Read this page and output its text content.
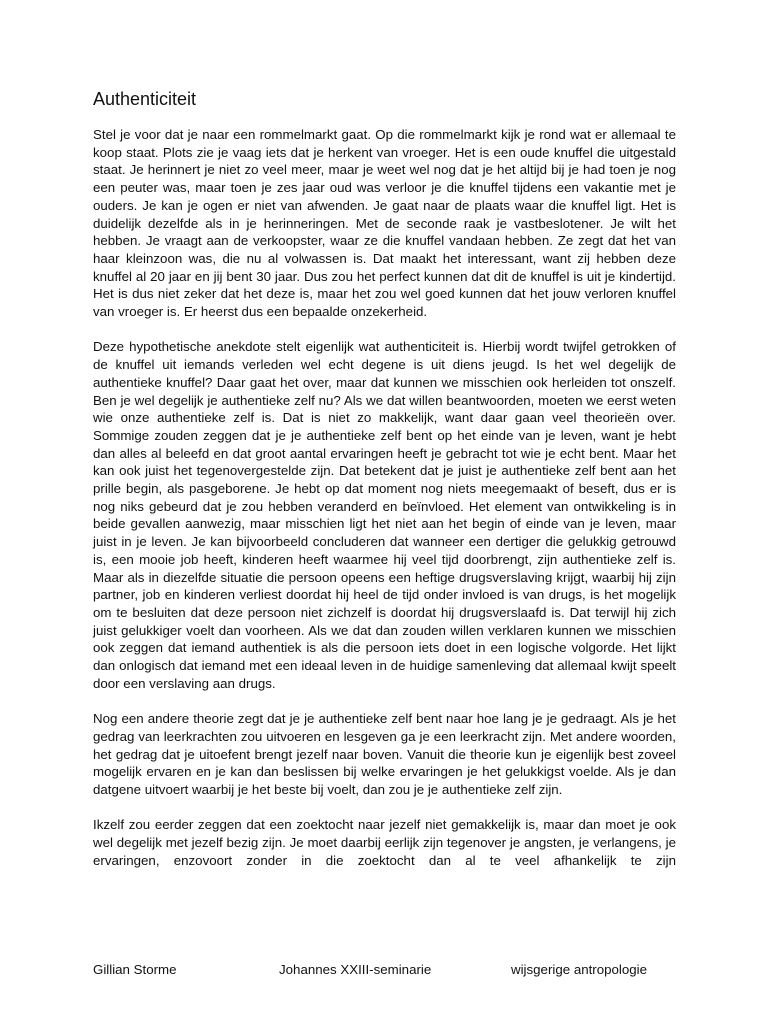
Authenticiteit

Stel je voor dat je naar een rommelmarkt gaat. Op die rommelmarkt kijk je rond wat er allemaal te koop staat. Plots zie je vaag iets dat je herkent van vroeger. Het is een oude knuffel die uitgestald staat. Je herinnert je niet zo veel meer, maar je weet wel nog dat je het altijd bij je had toen je nog een peuter was, maar toen je zes jaar oud was verloor je die knuffel tijdens een vakantie met je ouders. Je kan je ogen er niet van afwenden. Je gaat naar de plaats waar die knuffel ligt. Het is duidelijk dezelfde als in je herinneringen. Met de seconde raak je vastbeslotener. Je wilt het hebben. Je vraagt aan de verkoopster, waar ze die knuffel vandaan hebben. Ze zegt dat het van haar kleinzoon was, die nu al volwassen is. Dat maakt het interessant, want zij hebben deze knuffel al 20 jaar en jij bent 30 jaar. Dus zou het perfect kunnen dat dit de knuffel is uit je kindertijd. Het is dus niet zeker dat het deze is, maar het zou wel goed kunnen dat het jouw verloren knuffel van vroeger is. Er heerst dus een bepaalde onzekerheid.

Deze hypothetische anekdote stelt eigenlijk wat authenticiteit is. Hierbij wordt twijfel getrokken of de knuffel uit iemands verleden wel echt degene is uit diens jeugd. Is het wel degelijk de authentieke knuffel? Daar gaat het over, maar dat kunnen we misschien ook herleiden tot onszelf. Ben je wel degelijk je authentieke zelf nu? Als we dat willen beantwoorden, moeten we eerst weten wie onze authentieke zelf is. Dat is niet zo makkelijk, want daar gaan veel theorieën over. Sommige zouden zeggen dat je je authentieke zelf bent op het einde van je leven, want je hebt dan alles al beleefd en dat groot aantal ervaringen heeft je gebracht tot wie je echt bent. Maar het kan ook juist het tegenovergestelde zijn. Dat betekent dat je juist je authentieke zelf bent aan het prille begin, als pasgeborene. Je hebt op dat moment nog niets meegemaakt of beseft, dus er is nog niks gebeurd dat je zou hebben veranderd en beïnvloed. Het element van ontwikkeling is in beide gevallen aanwezig, maar misschien ligt het niet aan het begin of einde van je leven, maar juist in je leven. Je kan bijvoorbeeld concluderen dat wanneer een dertiger die gelukkig getrouwd is, een mooie job heeft, kinderen heeft waarmee hij veel tijd doorbrengt, zijn authentieke zelf is. Maar als in diezelfde situatie die persoon opeens een heftige drugsverslaving krijgt, waarbij hij zijn partner, job en kinderen verliest doordat hij heel de tijd onder invloed is van drugs, is het mogelijk om te besluiten dat deze persoon niet zichzelf is doordat hij drugsverslaafd is. Dat terwijl hij zich juist gelukkiger voelt dan voorheen. Als we dat dan zouden willen verklaren kunnen we misschien ook zeggen dat iemand authentiek is als die persoon iets doet in een logische volgorde. Het lijkt dan onlogisch dat iemand met een ideaal leven in de huidige samenleving dat allemaal kwijt speelt door een verslaving aan drugs.

Nog een andere theorie zegt dat je je authentieke zelf bent naar hoe lang je je gedraagt. Als je het gedrag van leerkrachten zou uitvoeren en lesgeven ga je een leerkracht zijn. Met andere woorden, het gedrag dat je uitoefent brengt jezelf naar boven. Vanuit die theorie kun je eigenlijk best zoveel mogelijk ervaren en je kan dan beslissen bij welke ervaringen je het gelukkigst voelde. Als je dan datgene uitvoert waarbij je het beste bij voelt, dan zou je je authentieke zelf zijn.

Ikzelf zou eerder zeggen dat een zoektocht naar jezelf niet gemakkelijk is, maar dan moet je ook wel degelijk met jezelf bezig zijn. Je moet daarbij eerlijk zijn tegenover je angsten, je verlangens, je ervaringen, enzovoort zonder in die zoektocht dan al te veel afhankelijk te zijn

Gillian Storme	Johannes XXIII-seminarie	wijsgerige antropologie
